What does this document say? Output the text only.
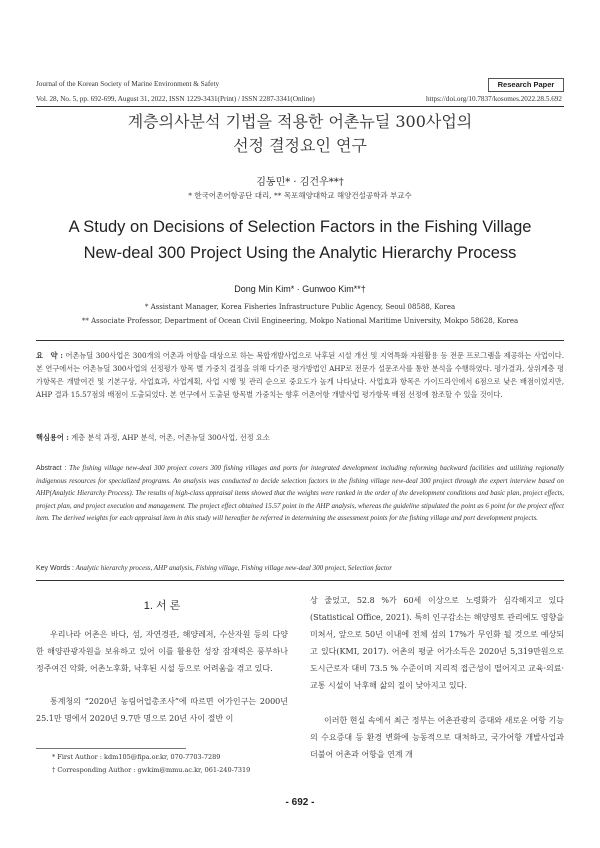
Journal of the Korean Society of Marine Environment & Safety	Research Paper
Vol. 28, No. 5, pp. 692-699, August 31, 2022, ISSN 1229-3431(Print) / ISSN 2287-3341(Online)	https://doi.org/10.7837/kosomes.2022.28.5.692
계층의사분석 기법을 적용한 어촌뉴딜 300사업의
선정 결정요인 연구
김동민* · 김건우**†
* 한국어촌어항공단 대리, ** 목포해양대학교 해양건설공학과 부교수
A Study on Decisions of Selection Factors in the Fishing Village
New-deal 300 Project Using the Analytic Hierarchy Process
Dong Min Kim* · Gunwoo Kim**†
* Assistant Manager, Korea Fisheries Infrastructure Public Agency, Seoul 08588, Korea
** Associate Professor, Department of Ocean Civil Engineering, Mokpo National Maritime University, Mokpo 58628, Korea
요　약 : 어촌뉴딜 300사업은 300개의 어촌과 어항을 대상으로 하는 복합개발사업으로 낙후된 시설 개선 및 지역특화 자원활용 등 전문 프로그램을 제공하는 사업이다. 본 연구에서는 어촌뉴딜 300사업의 선정평가 항목 별 가중치 결정을 위해 다기준 평가방법인 AHP로 전문가 설문조사를 통한 분석을 수행하였다. 평가결과, 상위계층 평가항목은 개발여건 및 기본구상, 사업효과, 사업계획, 사업 시행 및 관리 순으로 중요도가 높게 나타났다. 사업효과 항목은 가이드라인에서 6점으로 낮은 배점이었지만, AHP 결과 15.57점의 배점이 도출되었다. 본 연구에서 도출된 항목별 가중치는 향후 어촌어항 개발사업 평가항목 배점 선정에 참조할 수 있을 것이다.
핵심용어 : 계층 분석 과정, AHP 분석, 어촌, 어촌뉴딜 300사업, 선정 요소
Abstract : The fishing village new-deal 300 project covers 300 fishing villages and ports for integrated development including reforming backward facilities and utilizing regionally indigenous resources for specialized programs. An analysis was conducted to decide selection factors in the fishing village new-deal 300 project through the expert interview based on AHP(Analytic Hierarchy Process). The results of high-class appraisal items showed that the weights were ranked in the order of the development conditions and basic plan, project effects, project plan, and project execution and management. The project effect obtained 15.57 point in the AHP analysis, whereas the guideline stipulated the point as 6 point for the project effect item. The derived weights for each appraisal item in this study will hereafter be referred in determining the assessment points for the fishing village and port development projects.
Key Words : Analytic hierarchy process, AHP analysis, Fishing village, Fishing village new-deal 300 project, Selection factor
1. 서 론
우리나라 어촌은 바다, 섬, 자연경관, 해양레저, 수산자원 등의 다양한 해양관광자원을 보유하고 있어 이를 활용한 성장 잠재력은 풍부하나 정주여건 악화, 어촌노후화, 낙후된 시설 등으로 어려움을 겪고 있다.
통계청의 “2020년 농림어업총조사”에 따르면 어가인구는 2000년 25.1만 명에서 2020년 9.7만 명으로 20년 사이 절반 이
* First Author : kdm105@fipa.or.kr, 070-7703-7289
† Corresponding Author : gwkim@mmu.ac.kr, 061-240-7319
상 줄었고, 52.8 %가 60세 이상으로 노령화가 심각해지고 있다(Statistical Office, 2021). 특히 인구감소는 해양영토 관리에도 영향을 미쳐서, 앞으로 50년 이내에 전체 섬의 17%가 무인화 될 것으로 예상되고 있다(KMI, 2017). 어촌의 평균 어가소득은 2020년 5,319만원으로 도시근로자 대비 73.5 % 수준이며 지리적 접근성이 떨어지고 교육·의료·교통 시설이 낙후해 삶의 질이 낮아지고 있다.
이러한 현실 속에서 최근 정부는 어촌관광의 증대와 새로운 어항 기능의 수요증대 등 환경 변화에 능동적으로 대처하고, 국가어항 개발사업과 더불어 어촌과 어항을 연계 개
- 692 -
